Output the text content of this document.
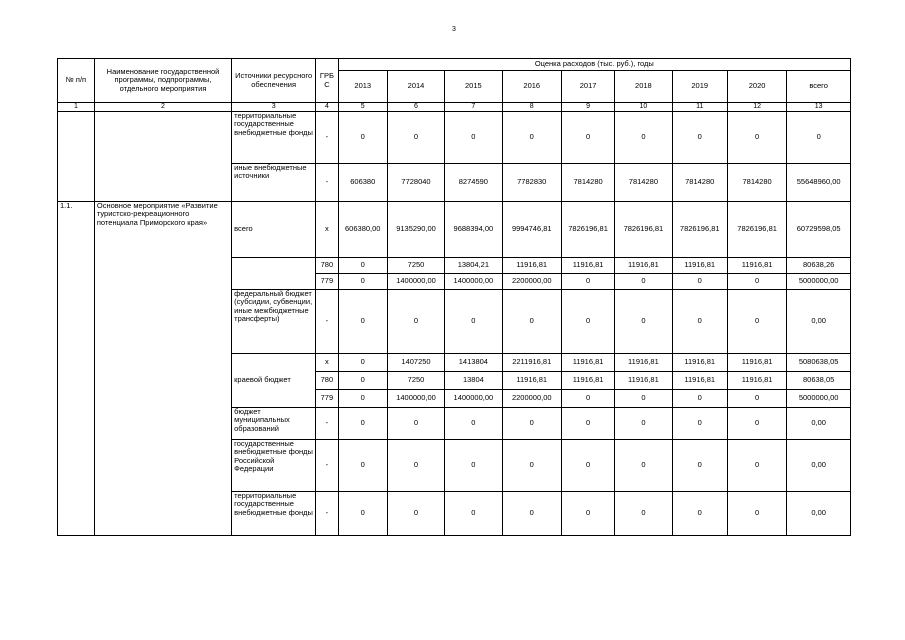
3
№ п/п	Наименование государственной программы, подпрограммы, отдельного мероприятия	Источники ресурсного обеспечения	ГРБ С	Оценка расходов (тыс. руб.), годы								
				2013	2014	2015	2016	2017	2018	2019	2020	всего
1	2	3	4	5	6	7	8	9	10	11	12	13
		территориальные государственные внебюджетные фонды	-	0	0	0	0	0	0	0	0	0
		иные внебюджетные источники	-	606380	7728040	8274590	7782830	7814280	7814280	7814280	7814280	55648960,00
1.1.	Основное мероприятие «Развитие туристско-рекреационного потенциала Приморского края»	всего	х	606380,00	9135290,00	9688394,00	9994746,81	7826196,81	7826196,81	7826196,81	7826196,81	60729598,05
			780	0	7250	13804,21	11916,81	11916,81	11916,81	11916,81	11916,81	80638,26
			779	0	1400000,00	1400000,00	2200000,00	0	0	0	0	5000000,00
		федеральный бюджет (субсидии, субвенции, иные межбюджетные трансферты)	-	0	0	0	0	0	0	0	0	0,00
		краевой бюджет	х	0	1407250	1413804	2211916,81	11916,81	11916,81	11916,81	11916,81	5080638,05
			780	0	7250	13804	11916,81	11916,81	11916,81	11916,81	11916,81	80638,05
			779	0	1400000,00	1400000,00	2200000,00	0	0	0	0	5000000,00
		бюджет муниципальных образований	-	0	0	0	0	0	0	0	0	0,00
		государственные внебюджетные фонды Российской Федерации	-	0	0	0	0	0	0	0	0	0,00
		территориальные государственные внебюджетные фонды	-	0	0	0	0	0	0	0	0	0,00
